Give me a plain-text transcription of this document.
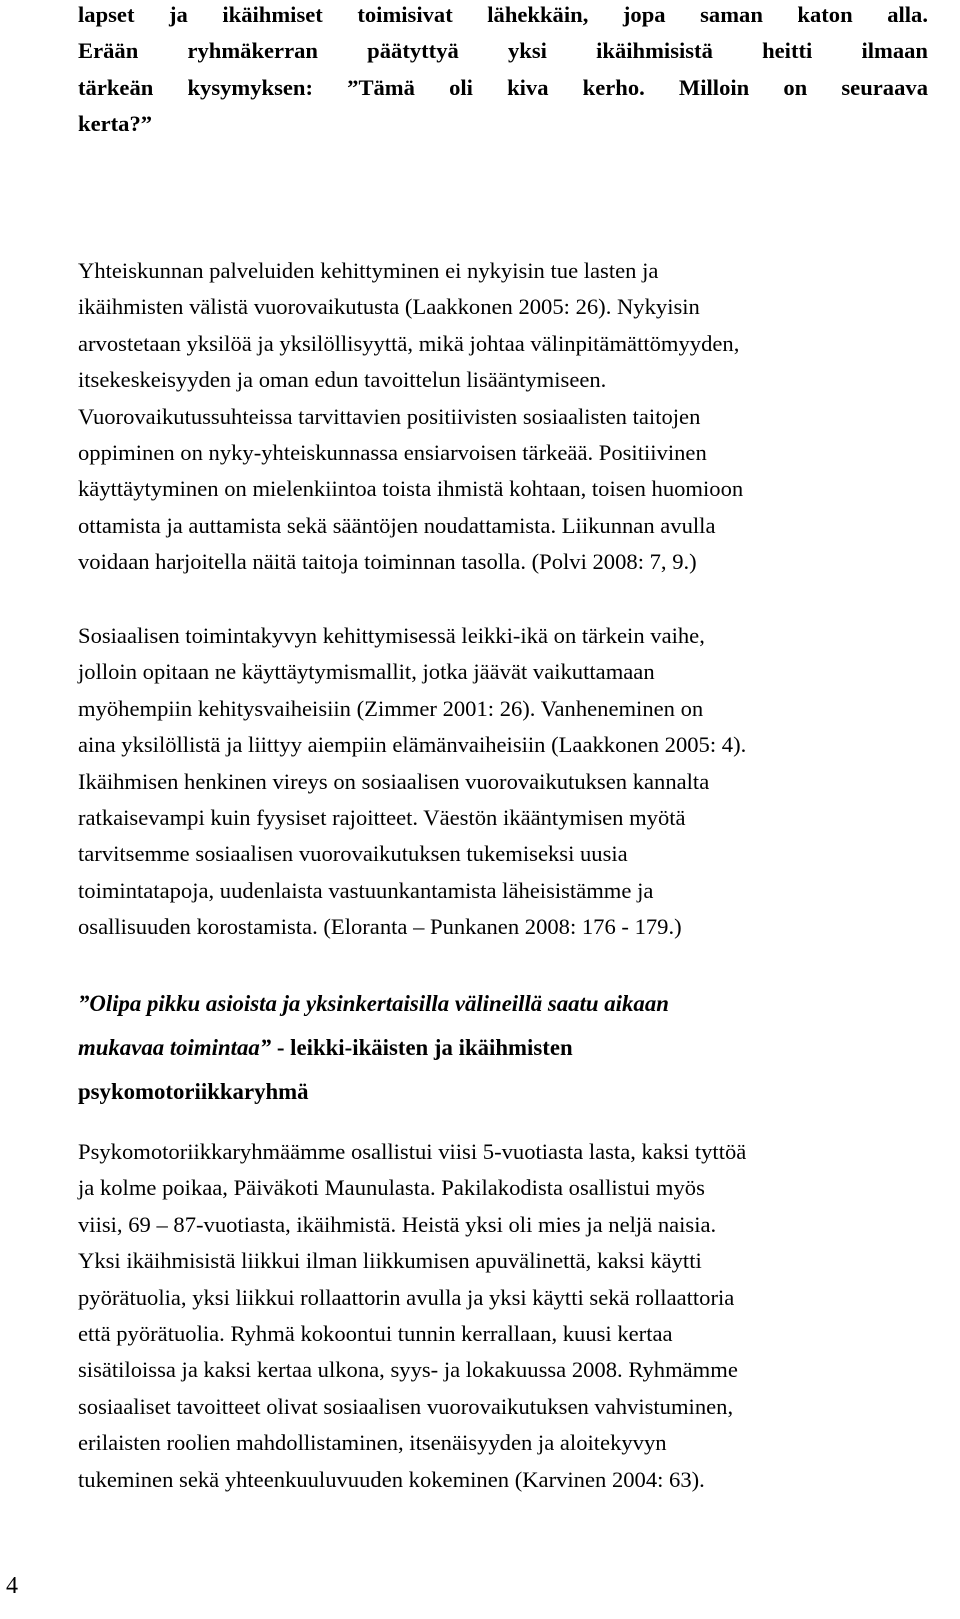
lapset ja ikäihmiset toimisivat lähekkäin, jopa saman katon alla.
Erään ryhmäkerran päätyttyä yksi ikäihmisistä heitti ilmaan
tärkeän kysymyksen: ”Tämä oli kiva kerho. Milloin on seuraava
kerta?”
Yhteiskunnan palveluiden kehittyminen ei nykyisin tue lasten ja
ikäihmisten välistä vuorovaikutusta (Laakkonen 2005: 26). Nykyisin
arvostetaan yksilöä ja yksilöllisyyttä, mikä johtaa välinpitämättömyyden,
itsekeskeisyyden ja oman edun tavoittelun lisääntymiseen.
Vuorovaikutussuhteissa tarvittavien positiivisten sosiaalisten taitojen
oppiminen on nyky-yhteiskunnassa ensiarvoisen tärkeää. Positiivinen
käyttäytyminen on mielenkiintoa toista ihmistä kohtaan, toisen huomioon
ottamista ja auttamista sekä sääntöjen noudattamista. Liikunnan avulla
voidaan harjoitella näitä taitoja toiminnan tasolla. (Polvi 2008: 7, 9.)
Sosiaalisen toimintakyvyn kehittymisessä leikki-ikä on tärkein vaihe,
jolloin opitaan ne käyttäytymismallit, jotka jäävät vaikuttamaan
myöhempiin kehitysvaiheisiin (Zimmer 2001: 26). Vanheneminen on
aina yksilöllistä ja liittyy aiempiin elämänvaiheisiin (Laakkonen 2005: 4).
Ikäihmisen henkinen vireys on sosiaalisen vuorovaikutuksen kannalta
ratkaisevampi kuin fyysiset rajoitteet. Väestön ikääntymisen myötä
tarvitsemme sosiaalisen vuorovaikutuksen tukemiseksi uusia
toimintatapoja, uudenlaista vastuunkantamista läheisistämme ja
osallisuuden korostamista. (Eloranta – Punkanen 2008: 176 - 179.)
”Olipa pikku asioista ja yksinkertaisilla välineillä saatu aikaan
mukavaa toimintaa” - leikki-ikäisten ja ikäihmisten
psykomotoriikkaryhmä
Psykomotoriikkaryhmäämme osallistui viisi 5-vuotiasta lasta, kaksi tyttöä
ja kolme poikaa, Päiväkoti Maunulasta. Pakilakodista osallistui myös
viisi, 69 – 87-vuotiasta, ikäihmistä. Heistä yksi oli mies ja neljä naisia.
Yksi ikäihmisistä liikkui ilman liikkumisen apuvälinettä, kaksi käytti
pyörätuolia, yksi liikkui rollaattorin avulla ja yksi käytti sekä rollaattoria
että pyörätuolia. Ryhmä kokoontui tunnin kerrallaan, kuusi kertaa
sisätiloissa ja kaksi kertaa ulkona, syys- ja lokakuussa 2008. Ryhmämme
sosiaaliset tavoitteet olivat sosiaalisen vuorovaikutuksen vahvistuminen,
erilaisten roolien mahdollistaminen, itsenäisyyden ja aloitekyvyn
tukeminen sekä yhteenkuuluvuuden kokeminen (Karvinen 2004: 63).
4
